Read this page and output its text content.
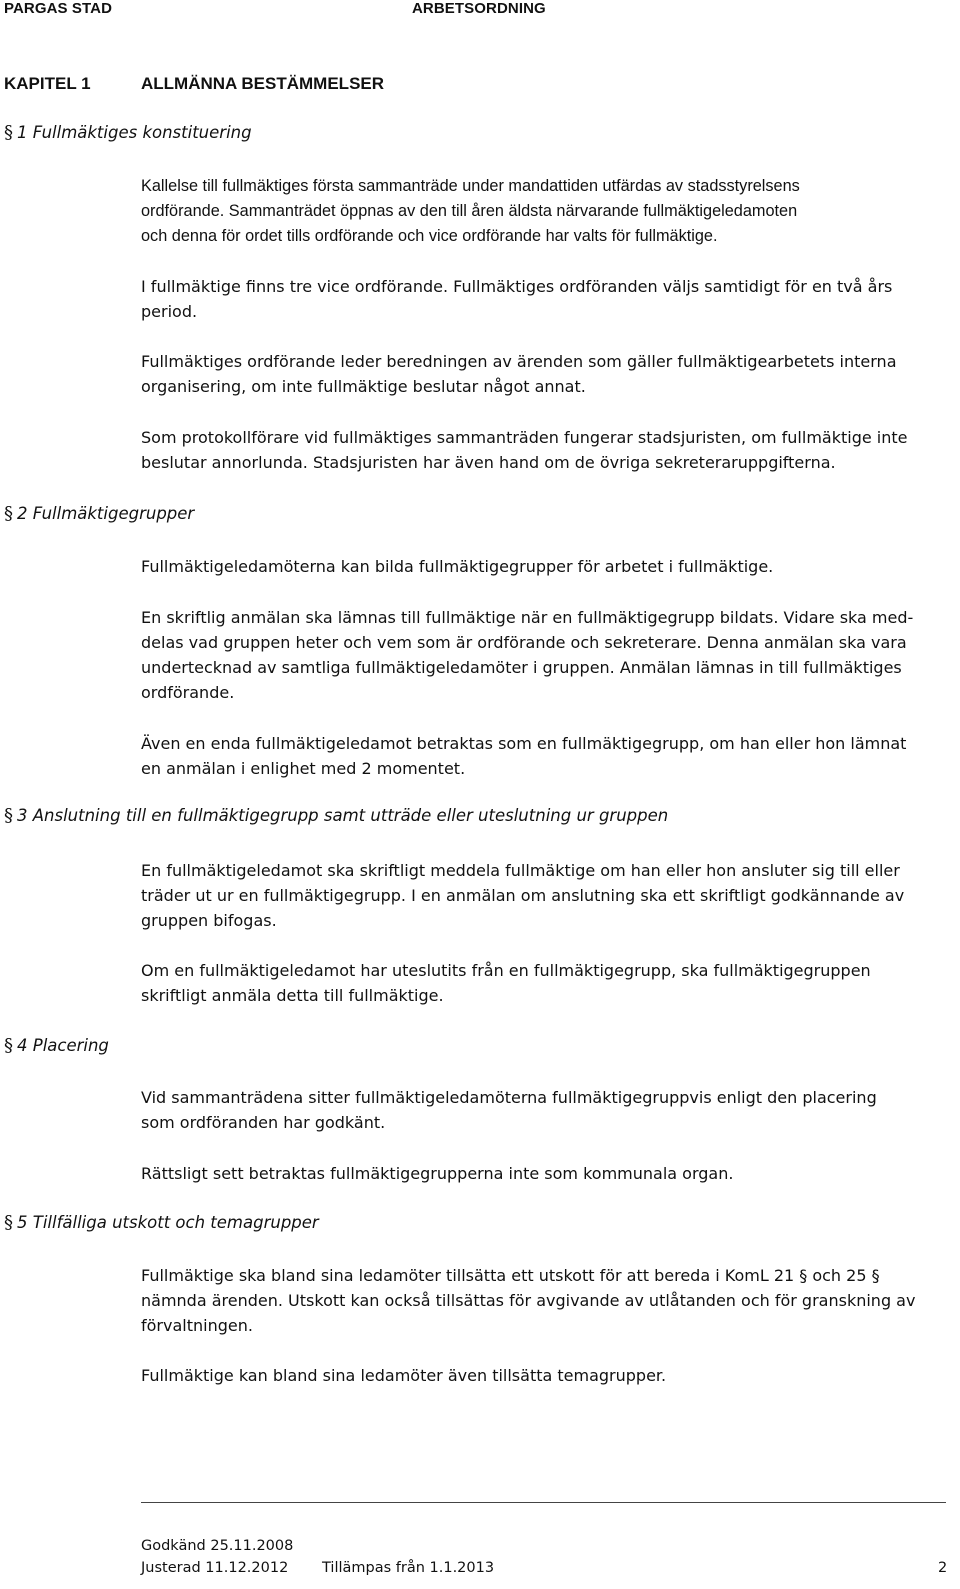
PARGAS STAD	ARBETSORDNING
KAPITEL 1	ALLMÄNNA BESTÄMMELSER
§ 1 Fullmäktiges konstituering
Kallelse till fullmäktiges första sammanträde under mandattiden utfärdas av stadsstyrelsens
ordförande. Sammanträdet öppnas av den till åren äldsta närvarande fullmäktigeledamoten
och denna för ordet tills ordförande och vice ordförande har valts för fullmäktige.
I fullmäktige finns tre vice ordförande. Fullmäktiges ordföranden väljs samtidigt för en två års
period.
Fullmäktiges ordförande leder beredningen av ärenden som gäller fullmäktigearbetets interna
organisering, om inte fullmäktige beslutar något annat.
Som protokollförare vid fullmäktiges sammanträden fungerar stadsjuristen, om fullmäktige inte
beslutar annorlunda. Stadsjuristen har även hand om de övriga sekreteraruppgifterna.
§ 2 Fullmäktigegrupper
Fullmäktigeledamöterna kan bilda fullmäktigegrupper för arbetet i fullmäktige.
En skriftlig anmälan ska lämnas till fullmäktige när en fullmäktigegrupp bildats. Vidare ska med-
delas vad gruppen heter och vem som är ordförande och sekreterare. Denna anmälan ska vara
undertecknad av samtliga fullmäktigeledamöter i gruppen. Anmälan lämnas in till fullmäktiges
ordförande.
Även en enda fullmäktigeledamot betraktas som en fullmäktigegrupp, om han eller hon lämnat
en anmälan i enlighet med 2 momentet.
§ 3 Anslutning till en fullmäktigegrupp samt utträde eller uteslutning ur gruppen
En fullmäktigeledamot ska skriftligt meddela fullmäktige om han eller hon ansluter sig till eller
träder ut ur en fullmäktigegrupp. I en anmälan om anslutning ska ett skriftligt godkännande av
gruppen bifogas.
Om en fullmäktigeledamot har uteslutits från en fullmäktigegrupp, ska fullmäktigegruppen
skriftligt anmäla detta till fullmäktige.
§ 4 Placering
Vid sammanträdena sitter fullmäktigeledamöterna fullmäktigegruppvis enligt den placering
som ordföranden har godkänt.
Rättsligt sett betraktas fullmäktigegrupperna inte som kommunala organ.
§ 5 Tillfälliga utskott och temagrupper
Fullmäktige ska bland sina ledamöter tillsätta ett utskott för att bereda i KomL 21 § och 25 §
nämnda ärenden. Utskott kan också tillsättas för avgivande av utlåtanden och för granskning av
förvaltningen.
Fullmäktige kan bland sina ledamöter även tillsätta temagrupper.
Godkänd 25.11.2008
Justerad 11.12.2012 Tillämpas från 1.1.2013	2
